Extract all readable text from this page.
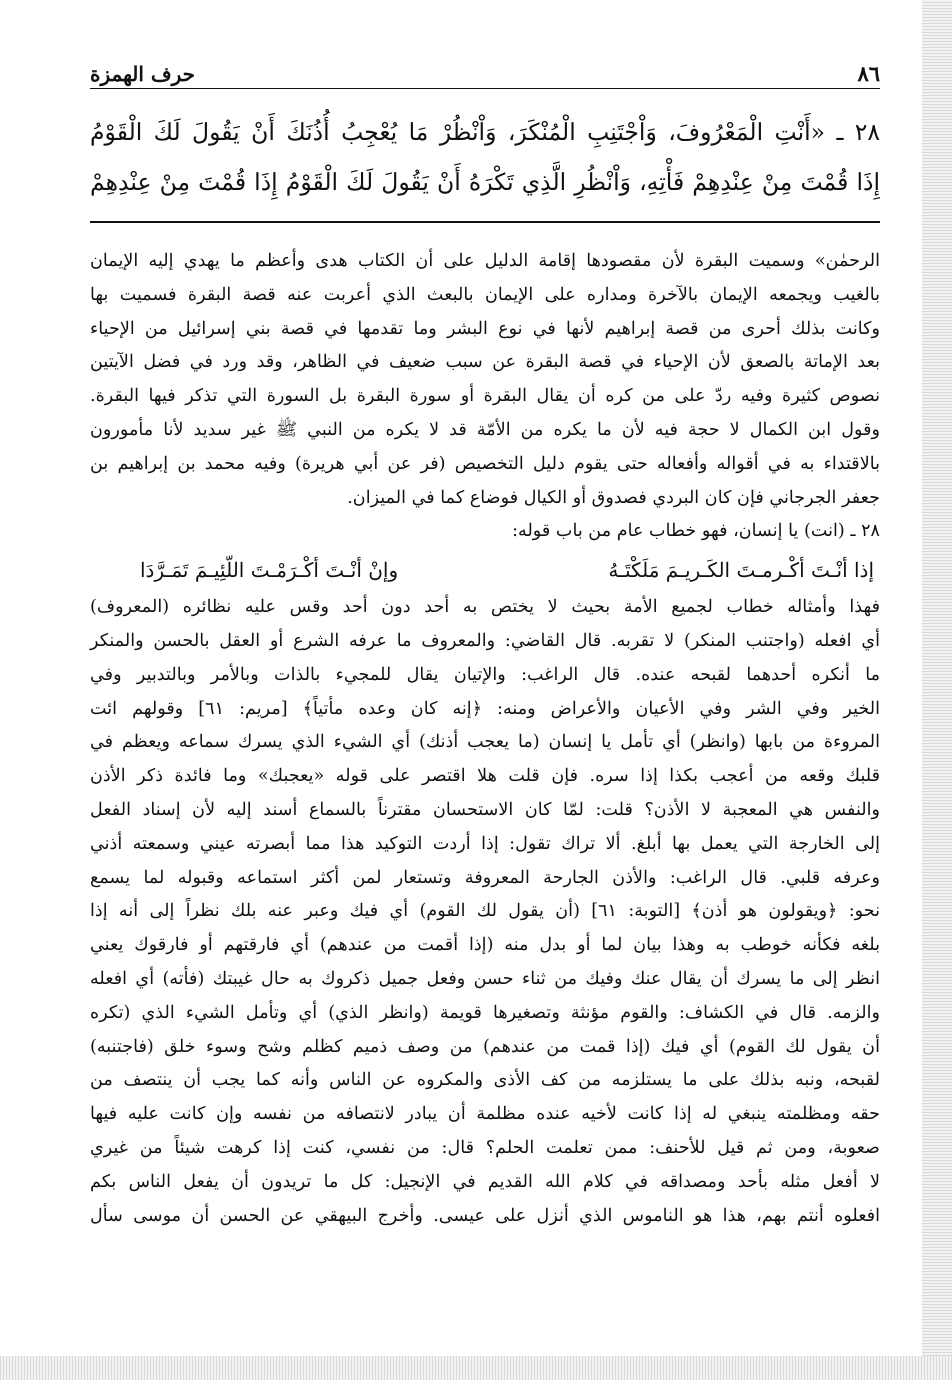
٨٦
حرف الهمزة

٢٨ ـ «أَنْتِ الْمَعْرُوفَ، وَاْجْتَنِبِ الْمُنْكَرَ، وَاْنْظُرْ مَا يُعْجِبُ أُذُنَكَ أَنْ يَقُولَ لَكَ الْقَوْمُ

إِذَا قُمْتَ مِنْ عِنْدِهِمْ فَأْتِهِ، وَاْنْظُرِ الَّذِي تَكْرَهُ أَنْ يَقُولَ لَكَ الْقَوْمُ إِذَا قُمْتَ مِنْ عِنْدِهِمْ

الرحمٰن» وسميت البقرة لأن مقصودها إقامة الدليل على أن الكتاب هدى وأعظم ما يهدي إليه الإيمان

بالغيب ويجمعه الإيمان بالآخرة ومداره على الإيمان بالبعث الذي أعربت عنه قصة البقرة فسميت بها

وكانت بذلك أحرى من قصة إبراهيم لأنها في نوع البشر وما تقدمها في قصة بني إسرائيل من الإحياء

بعد الإماتة بالصعق لأن الإحياء في قصة البقرة عن سبب ضعيف في الظاهر، وقد ورد في فضل الآيتين

نصوص كثيرة وفيه ردّ على من كره أن يقال البقرة أو سورة البقرة بل السورة التي تذكر فيها البقرة.

وقول ابن الكمال لا حجة فيه لأن ما يكره من الأمّة قد لا يكره من النبي ﷺ غير سديد لأنا مأمورون

بالاقتداء به في أقواله وأفعاله حتى يقوم دليل التخصيص (فر عن أبي هريرة) وفيه محمد بن إبراهيم بن

جعفر الجرجاني فإن كان البردي فصدوق أو الكيال فوضاع كما في الميزان.

٢٨ ـ (انت) يا إنسان، فهو خطاب عام من باب قوله:

إذا أنْـتَ أكْـرمـتَ الكَـريـمَ مَلَكْتَـهُ
وإنْ أنْـتَ أكْـرَمْـتَ اللّئِيـمَ تَمَـرَّدَا

فهذا وأمثاله خطاب لجميع الأمة بحيث لا يختص به أحد دون أحد وقس عليه نظائره (المعروف)

أي افعله (واجتنب المنكر) لا تقربه. قال القاضي: والمعروف ما عرفه الشرع أو العقل بالحسن والمنكر

ما أنكره أحدهما لقبحه عنده. قال الراغب: والإتيان يقال للمجيء بالذات وبالأمر وبالتدبير وفي

الخير وفي الشر وفي الأعيان والأعراض ومنه: ﴿إنه كان وعده مأتياً﴾ [مريم: ٦١] وقولهم ائت

المروءة من بابها (وانظر) أي تأمل يا إنسان (ما يعجب أذنك) أي الشيء الذي يسرك سماعه ويعظم في

قلبك وقعه من أعجب بكذا إذا سره. فإن قلت هلا اقتصر على قوله «يعجبك» وما فائدة ذكر الأذن

والنفس هي المعجبة لا الأذن؟ قلت: لمّا كان الاستحسان مقترناً بالسماع أسند إليه لأن إسناد الفعل

إلى الخارجة التي يعمل بها أبلغ. ألا تراك تقول: إذا أردت التوكيد هذا مما أبصرته عيني وسمعته أذني

وعرفه قلبي. قال الراغب: والأذن الجارحة المعروفة وتستعار لمن أكثر استماعه وقبوله لما يسمع

نحو: ﴿ويقولون هو أذن﴾ [التوبة: ٦١] (أن يقول لك القوم) أي فيك وعبر عنه بلك نظراً إلى أنه إذا

بلغه فكأنه خوطب به وهذا بيان لما أو بدل منه (إذا أقمت من عندهم) أي فارقتهم أو فارقوك يعني

انظر إلى ما يسرك أن يقال عنك وفيك من ثناء حسن وفعل جميل ذكروك به حال غيبتك (فأته) أي افعله

والزمه. قال في الكشاف: والقوم مؤنثة وتصغيرها قويمة (وانظر الذي) أي وتأمل الشيء الذي (تكره

أن يقول لك القوم) أي فيك (إذا قمت من عندهم) من وصف ذميم كظلم وشح وسوء خلق (فاجتنبه)

لقبحه، ونبه بذلك على ما يستلزمه من كف الأذى والمكروه عن الناس وأنه كما يجب أن ينتصف من

حقه ومظلمته ينبغي له إذا كانت لأخيه عنده مظلمة أن يبادر لانتصافه من نفسه وإن كانت عليه فيها

صعوبة، ومن ثم قيل للأحنف: ممن تعلمت الحلم؟ قال: من نفسي، كنت إذا كرهت شيئاً من غيري

لا أفعل مثله بأحد ومصداقه في كلام الله القديم في الإنجيل: كل ما تريدون أن يفعل الناس بكم

افعلوه أنتم بهم، هذا هو الناموس الذي أنزل على عيسى. وأخرج البيهقي عن الحسن أن موسى سأل
